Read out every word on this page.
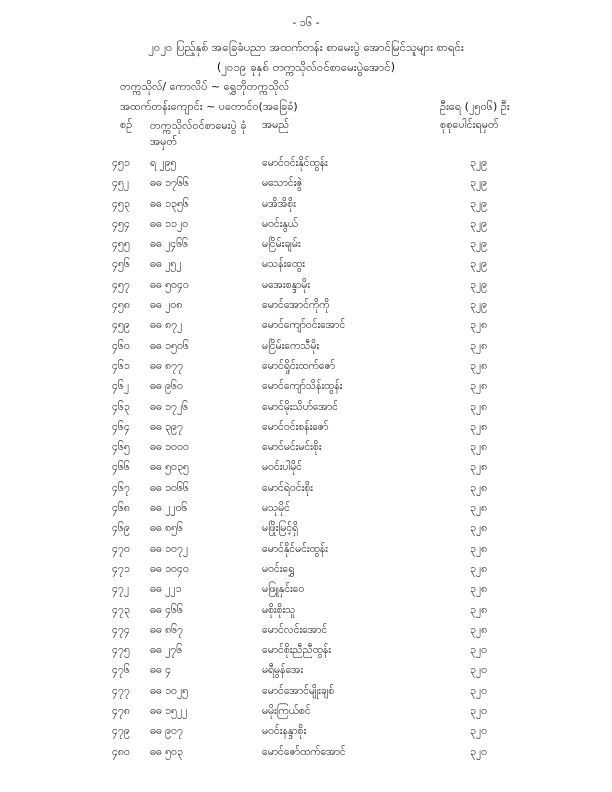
- ၁၆ -
၂၀၂၀ ပြည့်နှစ် အခြေခံပညာ အထက်တန်း စာမေးပွဲ အောင်မြင်သူများ စာရင်း
(၂၀၁၉ ခုနှစ် တက္ကသိုလ်ဝင်စာမေးပွဲအောင်)
တက္ကသိုလ်/ ကောလိပ် ~ ရွှေဘိုတက္ကသိုလ်
အထက်တန်းကျောင်း ~ ပတောင်ဝ(အခြေခံ)	ဦးရေ (၂၅၀၆) ဦး
စဉ် တက္ကသိုလ်ဝင်စာမေးပွဲ ခုံအမှတ်
အမည်	စုစုပေါင်းရမှတ်
၄၅၁ ရ ၂၉၅	မောင်ဝင်းနိုင်ထွန်း	၃၂၉
၄၅၂ ဓဓ ၁၇၆၆	မသောင်းဇွဲ	၃၂၉
၄၅၃ ဓဓ ၁၃၅၆	မအိအိစိုး	၃၂၉
၄၅၄ ဓဓ ၁၁၂၀	မဝင်းနွယ်	၃၂၉
၄၅၅ ဓဓ ၂၄၆၆	မငြိမ်းချမ်း	၃၂၉
၄၅၆ ဓဓ ၂၅၂	မသန်းထွေး	၃၂၉
၄၅၇ ဓဓ ၅၀၄၀	မအေးစန္ဒာမိုး	၃၂၉
၄၅၈ ဓဓ ၂၀၈	မောင်အောင်ကိုကို	၃၂၉
၄၅၉ ဓဓ ၈၇၂	မောင်ကျော်ဝင်းအောင်	၃၂၈
၄၆၀ ဓဓ ၁၅၀၆	မငြိမ်းကေသီမိုး	၃၂၈
၄၆၁ ဓဓ ၈၇၇	မောင်ရှိုင်းထက်ဇော်	၃၂၈
၄၆၂ ဓဓ ၉၆၀	မောင်ကျော်သိန်းထွန်း	၃၂၈
၄၆၃ ဓဓ ၁၇၂၆	မောင်မိုးသိဟ်အောင်	၃၂၈
၄၆၄ ဓဓ ၃၉၇	မောင်ဝင်းစန်းဇော်	၃၂၈
၄၆၅ ဓဓ ၁၀၀၀	မောင်မင်းမင်းစိုး	၃၂၈
၄၆၆ ဓဓ ၅၀၃၅	မဝင်းပါမိုင်	၃၂၈
၄၆၇ ဓဓ ၁၀၆၆	မောင်ရဲဝင်းစိုး	၃၂၈
၄၆၈ ဓဓ ၂၂၀၆	မသုမိုင်	၃၂၈
၄၆၉ ဓဓ ၈၅၆	မဖြိုးမြင့်ရှိ	၃၂၈
၄၇၀ ဓဓ ၁၀၇၂	မောင်နိုင်မင်းထွန်း	၃၂၈
၄၇၁ ဓဓ ၁၀၄၀	မဝင်းရွှေ	၃၂၈
၄၇၂ ဓဓ ၂၂၁	မဖြူနှင်းဝေ	၃၂၈
၄၇၃ ဓဓ ၄၆၆	မစိုးစိုးသူ	၃၂၈
၄၇၄ ဓဓ ၈၆၇	မောင်လင်းအောင်	၃၂၈
၄၇၅ ဓဓ ၂၇၆	မောင်စိုးညီညီထွန်း	၃၂၀
၄၇၆ ဓဓ ၄	မရီမွန်အေး	၃၂၀
၄၇၇ ဓဓ ၁၀၂၅	မောင်အောင်မျိုးချစ်	၃၂၀
၄၇၈ ဓဓ ၁၅၂၂	မမိုးကြယ်စင်	၃၂၀
၄၇၉ ဓဓ ၉၀၇	မဝင်းနန္ဒာစိုး	၃၂၀
၄၈၀ ဓဓ ၅၀၃	မောင်ဇော်ထက်အောင်	၃၂၀
